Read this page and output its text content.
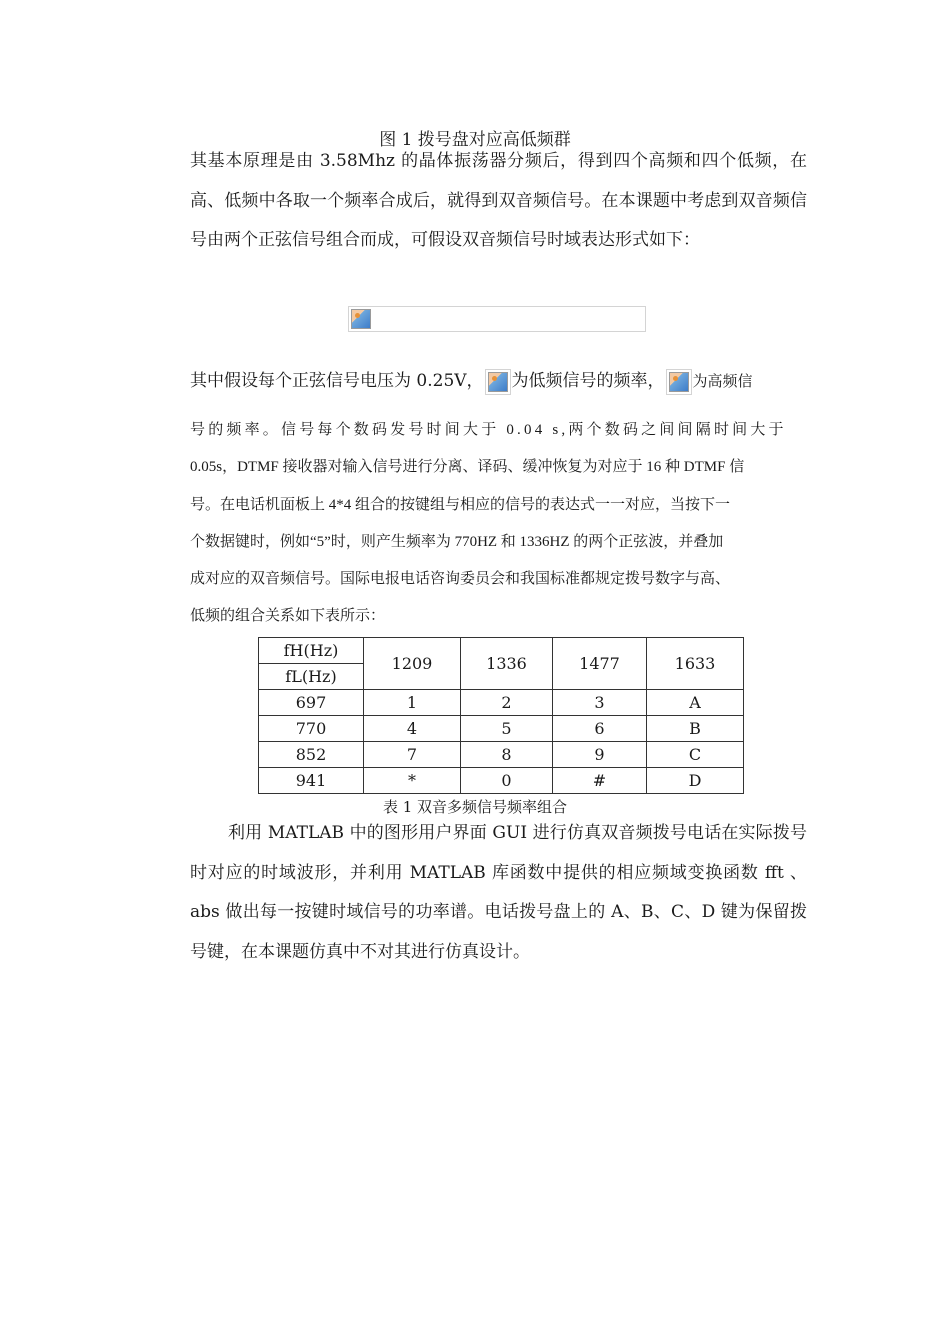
图 1 拨号盘对应高低频群

其基本原理是由 3.58Mhz 的晶体振荡器分频后，得到四个高频和四个低频，在高、低频中各取一个频率合成后，就得到双音频信号。在本课题中考虑到双音频信号由两个正弦信号组合而成，可假设双音频信号时域表达形式如下：

其中假设每个正弦信号电压为 0.25V， 为低频信号的频率， 为高频信
号的频率。信号每个数码发号时间大于 0.04 s,两个数码之间间隔时间大于
0.05s，DTMF 接收器对输入信号进行分离、译码、缓冲恢复为对应于 16 种 DTMF 信
号。在电话机面板上 4*4 组合的按键组与相应的信号的表达式一一对应，当按下一
个数据键时，例如“5”时，则产生频率为 770HZ 和 1336HZ 的两个正弦波，并叠加
成对应的双音频信号。国际电报电话咨询委员会和我国标准都规定拨号数字与高、
低频的组合关系如下表所示：
fH(Hz)	1209	1336	1477	1633
fL(Hz)				
697	1	2	3	A
770	4	5	6	B
852	7	8	9	C
941	*	0	#	D
表 1 双音多频信号频率组合

利用 MATLAB 中的图形用户界面 GUI 进行仿真双音频拨号电话在实际拨号时对应的时域波形，并利用 MATLAB 库函数中提供的相应频域变换函数 fft 、abs 做出每一按键时域信号的功率谱。电话拨号盘上的 A、B、C、D 键为保留拨号键，在本课题仿真中不对其进行仿真设计。
